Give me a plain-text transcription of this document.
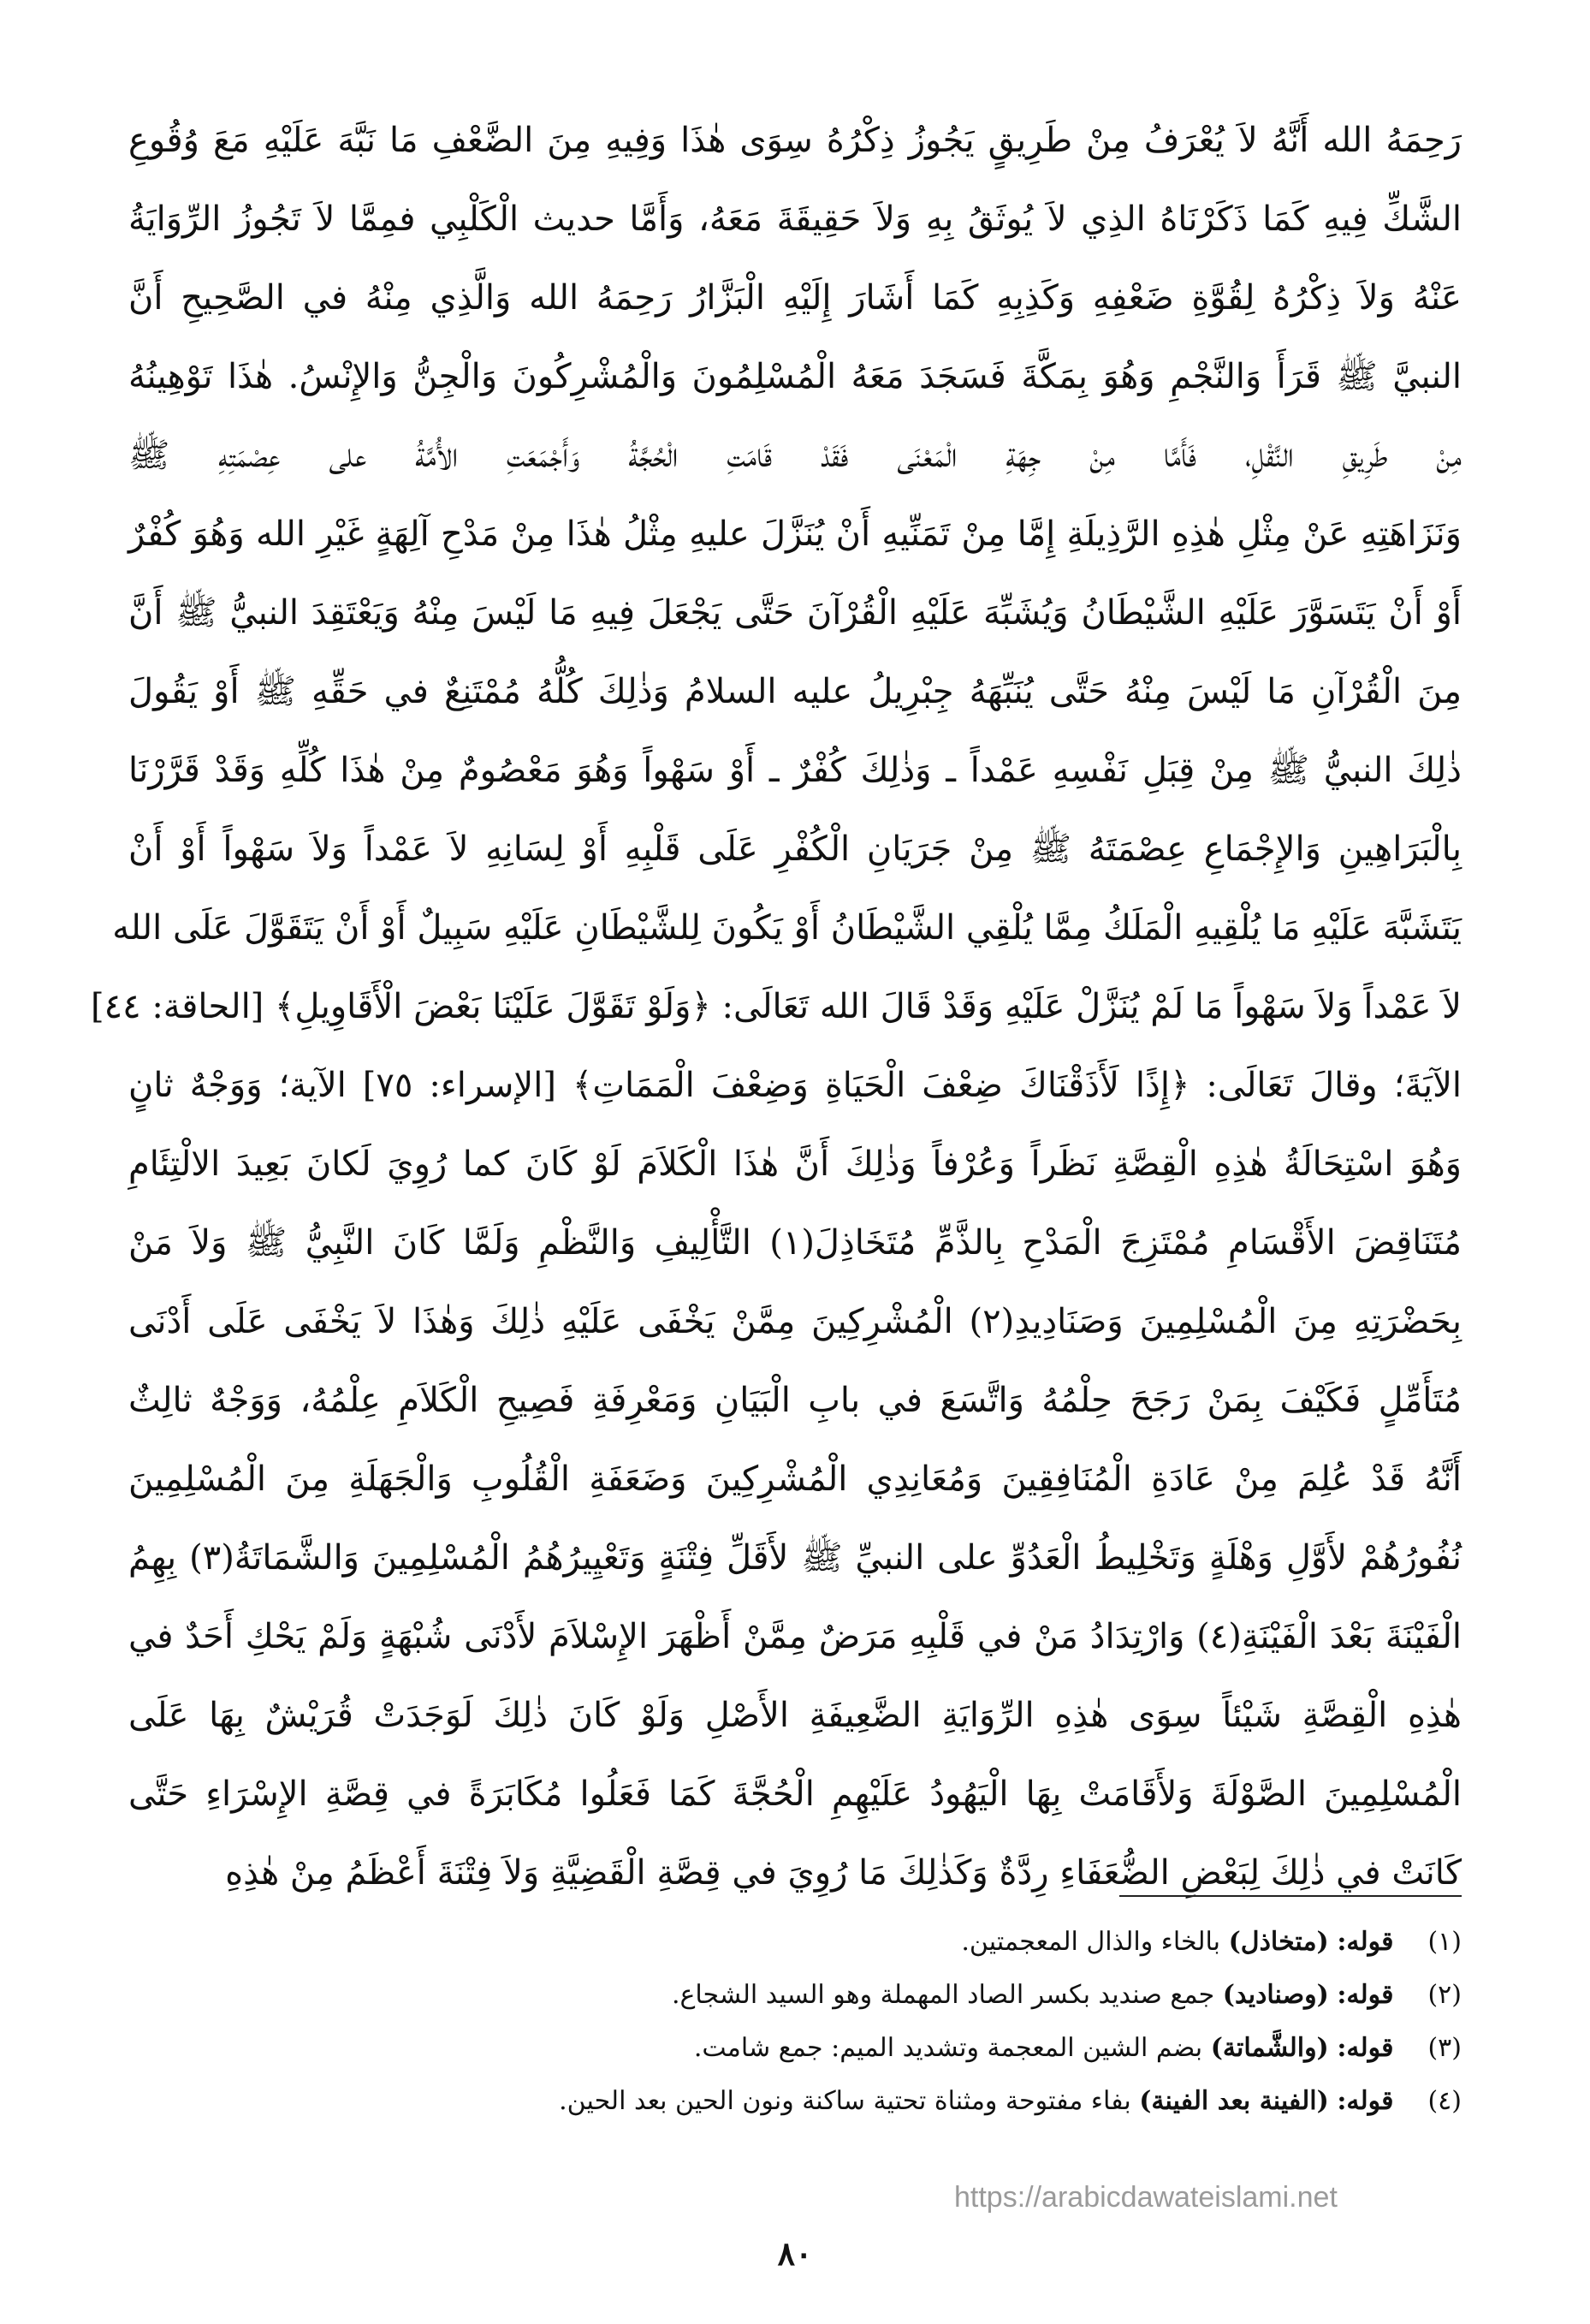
رَحِمَهُ الله أَنَّهُ لاَ يُعْرَفُ مِنْ طَرِيقٍ يَجُوزُ ذِكْرُهُ سِوَى هٰذَا وَفِيهِ مِنَ الضَّعْفِ مَا نَبَّهَ عَلَيْهِ مَعَ وُقُوعِ
الشَّكِّ فِيهِ كَمَا ذَكَرْنَاهُ الذِي لاَ يُوثَقُ بِهِ وَلاَ حَقِيقَةَ مَعَهُ، وَأَمَّا حديث الْكَلْبِي فمِمَّا لاَ تَجُوزُ الرِّوَايَةُ
عَنْهُ وَلاَ ذِكْرُهُ لِقُوَّةِ ضَعْفِهِ وَكَذِبِهِ كَمَا أَشَارَ إِلَيْهِ الْبَزَّارُ رَحِمَهُ الله وَالَّذِي مِنْهُ في الصَّحِيحِ أَنَّ
النبيَّ ﷺ قَرَأَ وَالنَّجْمِ وَهُوَ بِمَكَّةَ فَسَجَدَ مَعَهُ الْمُسْلِمُونَ وَالْمُشْرِكُونَ وَالْجِنُّ وَالإِنْسُ. هٰذَا تَوْهِينُهُ
مِنْ طَرِيقِ النَّقْلِ، فَأَمَّا مِنْ جِهَةِ الْمَعْنَى فَقَدْ قَامَتِ الْحُجَّةُ وَأَجْمَعَتِ الأُمَّةُ على عِصْمَتِهِ ﷺ
وَنَزَاهَتِهِ عَنْ مِثْلِ هٰذِهِ الرَّذِيلَةِ إِمَّا مِنْ تَمَنِّيهِ أَنْ يُنَزَّلَ عليهِ مِثْلُ هٰذَا مِنْ مَدْحِ آلِهَةٍ غَيْرِ الله وَهُوَ كُفْرٌ
أَوْ أَنْ يَتَسَوَّرَ عَلَيْهِ الشَّيْطَانُ وَيُشَبِّهَ عَلَيْهِ الْقُرْآنَ حَتَّى يَجْعَلَ فِيهِ مَا لَيْسَ مِنْهُ وَيَعْتَقِدَ النبيُّ ﷺ أَنَّ
مِنَ الْقُرْآنِ مَا لَيْسَ مِنْهُ حَتَّى يُنَبِّهَهُ جِبْرِيلُ عليه السلامُ وَذٰلِكَ كُلُّهُ مُمْتَنِعٌ في حَقِّهِ ﷺ أَوْ يَقُولَ
ذٰلِكَ النبيُّ ﷺ مِنْ قِبَلِ نَفْسِهِ عَمْداً ـ وَذٰلِكَ كُفْرٌ ـ أَوْ سَهْواً وَهُوَ مَعْصُومٌ مِنْ هٰذَا كُلِّهِ وَقَدْ قَرَّرْنَا
بِالْبَرَاهِينِ وَالإِجْمَاعِ عِصْمَتَهُ ﷺ مِنْ جَرَيَانِ الْكُفْرِ عَلَى قَلْبِهِ أَوْ لِسَانِهِ لاَ عَمْداً وَلاَ سَهْواً أَوْ أَنْ
يَتَشَبَّهَ عَلَيْهِ مَا يُلْقِيهِ الْمَلَكُ مِمَّا يُلْقِي الشَّيْطَانُ أَوْ يَكُونَ لِلشَّيْطَانِ عَلَيْهِ سَبِيلٌ أَوْ أَنْ يَتَقَوَّلَ عَلَى الله
لاَ عَمْداً وَلاَ سَهْواً مَا لَمْ يُنَزَّلْ عَلَيْهِ وَقَدْ قَالَ الله تَعَالَى: ﴿وَلَوْ تَقَوَّلَ عَلَيْنَا بَعْضَ الْأَقَاوِيلِ﴾ [الحاقة: ٤٤]
الآيَةَ؛ وقالَ تَعَالَى: ﴿إِذًا لَأَذَقْنَاكَ ضِعْفَ الْحَيَاةِ وَضِعْفَ الْمَمَاتِ﴾ [الإسراء: ٧٥] الآية؛ وَوَجْهٌ ثانٍ
وَهُوَ اسْتِحَالَةُ هٰذِهِ الْقِصَّةِ نَظَراً وَعُرْفاً وَذٰلِكَ أَنَّ هٰذَا الْكَلاَمَ لَوْ كَانَ كما رُوِيَ لَكانَ بَعِيدَ الالْتِئَامِ
مُتَنَاقِضَ الأَقْسَامِ مُمْتَزِجَ الْمَدْحِ بِالذَّمِّ مُتَخَاذِلَ(١) التَّأْلِيفِ وَالنَّظْمِ وَلَمَّا كَانَ النَّبِيُّ ﷺ وَلاَ مَنْ
بِحَضْرَتِهِ مِنَ الْمُسْلِمِينَ وَصَنَادِيدِ(٢) الْمُشْرِكِينَ مِمَّنْ يَخْفَى عَلَيْهِ ذٰلِكَ وَهٰذَا لاَ يَخْفَى عَلَى أَدْنَى
مُتَأَمِّلٍ فَكَيْفَ بِمَنْ رَجَحَ حِلْمُهُ وَاتَّسَعَ في بابِ الْبَيَانِ وَمَعْرِفَةِ فَصِيحِ الْكَلاَمِ عِلْمُهُ، وَوَجْهٌ ثالِثٌ
أَنَّهُ قَدْ عُلِمَ مِنْ عَادَةِ الْمُنَافِقِينَ وَمُعَانِدِي الْمُشْرِكِينَ وَضَعَفَةِ الْقُلُوبِ وَالْجَهَلَةِ مِنَ الْمُسْلِمِينَ
نُفُورُهُمْ لأَوَّلِ وَهْلَةٍ وَتَخْلِيطُ الْعَدُوِّ على النبيِّ ﷺ لأَقَلِّ فِتْنَةٍ وَتَعْيِيرُهُمُ الْمُسْلِمِينَ وَالشَّمَاتَةُ(٣) بِهِمُ
الْفَيْنَةَ بَعْدَ الْفَيْنَةِ(٤) وَارْتِدَادُ مَنْ في قَلْبِهِ مَرَضٌ مِمَّنْ أَظْهَرَ الإِسْلاَمَ لأَدْنَى شُبْهَةٍ وَلَمْ يَحْكِ أَحَدٌ في
هٰذِهِ الْقِصَّةِ شَيْئاً سِوَى هٰذِهِ الرِّوَايَةِ الضَّعِيفَةِ الأَصْلِ وَلَوْ كَانَ ذٰلِكَ لَوَجَدَتْ قُرَيْشٌ بِهَا عَلَى
الْمُسْلِمِينَ الصَّوْلَةَ وَلأَقَامَتْ بِهَا الْيَهُودُ عَلَيْهِمِ الْحُجَّةَ كَمَا فَعَلُوا مُكَابَرَةً في قِصَّةِ الإِسْرَاءِ حَتَّى
كَانَتْ في ذٰلِكَ لِبَعْضِ الضُّعَفَاءِ رِدَّةٌ وَكَذٰلِكَ مَا رُوِيَ في قِصَّةِ الْقَضِيَّةِ وَلاَ فِتْنَةَ أَعْظَمُ مِنْ هٰذِهِ
(١) قوله: (متخاذل) بالخاء والذال المعجمتين.
(٢) قوله: (وصناديد) جمع صنديد بكسر الصاد المهملة وهو السيد الشجاع.
(٣) قوله: (والشَّماتة) بضم الشين المعجمة وتشديد الميم: جمع شامت.
(٤) قوله: (الفينة بعد الفينة) بفاء مفتوحة ومثناة تحتية ساكنة ونون الحين بعد الحين.
https://arabicdawateislami.net
٨٠
